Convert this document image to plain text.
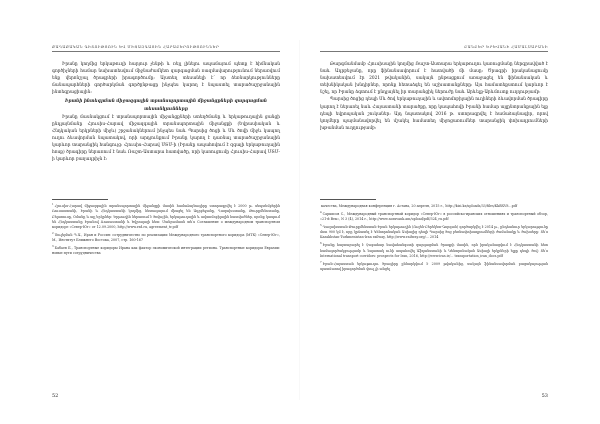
ՔԱՂԱՔԱԿԱՆ ԳԻՏՈՒԹՅՈՒՆ ԵՎ ՄԻՋԱԶԳԱՅԻՆ ՀԱՐԱԲԵՐՈՒԹՅՈՒՆՆԵՐ

Իրանը կողմից երկաթուղի հարյուր չենթի և ռեյլ լինելու ապամայում պետք է հիմնական գործիչների համար նախատեսվում միջնաժամկետ զարգացման ռազմավարությունում ներառվում ենք վերոնշյալ ծրագրերի իրագործումը: Այստեղ տեսանելի է՝ որ ձեռնարկությունները ճանապարհների գործարկման գործընթացը ինչպես կարող է նպաստել տարածաշրջանային ինտեգրացիային:

Իրանի ինտեգրման միջազգային տրանսպորտային միջանցքների զարգացման տեսանկյունները

Իրանը մասնակցում է տրանսպորտային միջանցքների ստեղծմանը և երկաթուղային ցանցի ընդլայնմանը Հյուսիս-Հարավ միջազգային տրանսպորտային միջանցքի (Եվրասիական և Հնդկական երկրների միջև) շրջանակներում ինչպես նաև Պարսից ծոցի և Սև ծովի միջև կապող ուղու ձևավորման նպատակով, որի արդյունքում Իրանը կարող է դառնալ տարածաշրջանային կարևոր տարանցիկ հանգույց: Հյուսիս-Հարավ ՄՏՄ-ի (Իրանը ապահովում է զգալի երկաթուղային հոսք) ծրագիրը ներառում է նաև Ռաշտ-Աստարա հատվածը, որի կառուցումը Հյուսիս-Հարավ ՄՏՄ-ի կարևոր բաղադրիչն է:

$^1$Հյուսիս-Հարավ միջազգային տրանսպորտային միջանցքի մասին համաձայնագիրը ստորագրվել է 2000 թ. սեպտեմբերին Ռուսաստանի, Իրանի և Հնդկաստանի կողմից, հետագայում միացել են Ադրբեջանը, Ղազախստանը, Թուրքմենստանը, Բելառուսը, Օմանը և այլ երկրներ: Երթուղին ներառում է ծովային, երկաթուղային և ավտոմոբիլային հատվածներ, որոնք կապում են Հնդկաստանը Իրանով Ռուսաստանի և Եվրոպայի հետ: Մանրամասն տե՛ս Соглашение о международном транспортном коридоре «Север-Юг» от 12.09.2000, http://www.rzd.ru, agreement_tr.pdf

$^2$Սուլեյման Պ.Ա., Иран и Россия: сотрудничество по реализации Международного транспортного коридора (МТК) «Север-Юг», М., Институт Ближнего Востока, 2007, стр. 160-167

$^3$Бабаев Б., Транспортные коридоры Ирана как фактор экономической интеграции региона. Транспортные коридоры Евразии: новые пути сотрудничества

52
ԲԱՆԲԵՐ ԵՐԵՎԱՆԻ ՀԱՄԱԼՍԱՐԱՆԻ

Թարգմանմամբ Հյուսիսային կողմից Ռաշտ-Աստարա երկաթուղու կառուցմանը ներգրավված է նաև Ադրբեջանը, որը ֆինանսավորում է հատվածի մի մասը: Ծրագրի իրականացումը նախատեսվում էր 2021 թվականին, սակայն ընթացքում առաջացել են ֆինանսական և տեխնիկական խնդիրներ, որոնք հետաձգել են աշխատանքները: Այս համատեքստում կարևոր է նշել, որ Իրանը ձգտում է ընդլայնել իր տարանցիկ ներուժը նաև Արևելք-Արևմուտք ուղղությամբ:

Պարսից ծոցից դեպի Սև ծով երկաթուղային և ավտոմոբիլային ուղիների ձևավորման ծրագիրը կարող է ներառել նաև Հայաստանի տարածքը, որը կապահովի Իրանի համար այլընտրանքային ելք դեպի եվրոպական շուկաներ: Այդ նպատակով 2016 թ. ստորագրվել է համաձայնագիր, որով կողմերը պայմանավորվել են մշակել համատեղ միջոցառումներ տարանցիկ փոխադրումների խթանման ուղղությամբ:

качества, Международная конференция г. Астана, 20 апреля, 2015 г., http://kisi.kz/uploads/33/files/KkBXV8...pdf

$^4$Саркисов С., Международный транспортный коридор «Север-Юг» в российско-иранских отношениях и транспортный обзор, «21-й Век», N 3 (4), 2014 г., http://www.noravank.am/upload/pdf/324_ru.pdf

$^5$Ղազախստան-Թուրքմենստան-Իրան երկաթուղին (Ուզեն-Բերեկետ-Գորգան) գործարկվել է 2014 թ., ընդհանուր երկարությունը մոտ 900 կմ է, որը կրճատել է Կենտրոնական Ասիայից դեպի Պարսից ծոց բեռնափոխադրումների ժամանակը և ծախսերը: Տե՛ս Kazakhstan-Turkmenistan-Iran railway, http://www.railway.org/... 2014

$^6$Իրանը հայտարարել է Չաբահար նավահանգստի զարգացման ծրագրի մասին, որն իրականացվում է Հնդկաստանի հետ համագործակցությամբ և նպատակ ունի ապահովել Աֆղանստանի և Կենտրոնական Ասիայի երկրների ելքը դեպի ծով: Տե՛ս International transport corridors: prospects for Iran, 2016, http://www.iras.ir/... transportation_iran_docs.pdf

$^7$Իրան-Հայաստան երկաթուղու ծրագիրը քննարկվում է 2009 թվականից, սակայն ֆինանսավորման բացակայության պատճառով իրագործման փուլ չի անցել

53
